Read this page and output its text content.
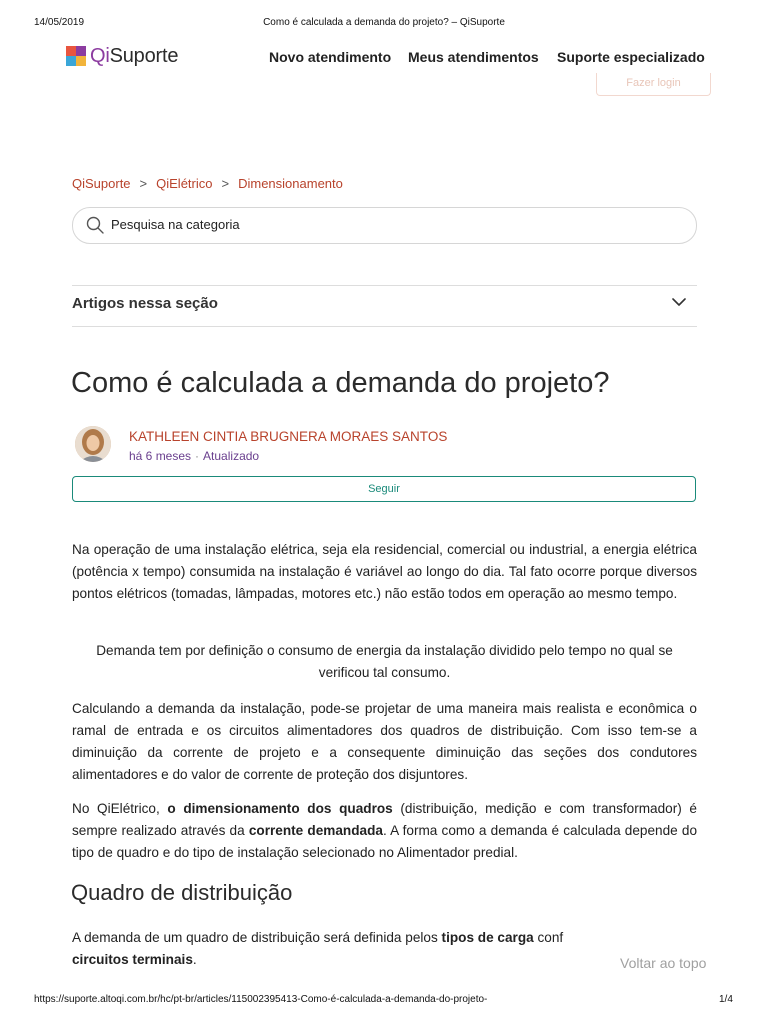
14/05/2019	Como é calculada a demanda do projeto? – QiSuporte
QiSuporte	Novo atendimento Meus atendimentos Suporte especializado
Fazer login
QiSuporte > QiElétrico > Dimensionamento
Pesquisa na categoria
Artigos nessa seção
Como é calculada a demanda do projeto?
KATHLEEN CINTIA BRUGNERA MORAES SANTOS
há 6 meses · Atualizado
Seguir

Na operação de uma instalação elétrica, seja ela residencial, comercial ou industrial, a energia elétrica (potência x tempo) consumida na instalação é variável ao longo do dia. Tal fato ocorre porque diversos pontos elétricos (tomadas, lâmpadas, motores etc.) não estão todos em operação ao mesmo tempo.

Demanda tem por definição o consumo de energia da instalação dividido pelo tempo no qual se verificou tal consumo.

Calculando a demanda da instalação, pode-se projetar de uma maneira mais realista e econômica o ramal de entrada e os circuitos alimentadores dos quadros de distribuição. Com isso tem-se a diminuição da corrente de projeto e a consequente diminuição das seções dos condutores alimentadores e do valor de corrente de proteção dos disjuntores.

No QiElétrico, o dimensionamento dos quadros (distribuição, medição e com transformador) é sempre realizado através da corrente demandada. A forma como a demanda é calculada depende do tipo de quadro e do tipo de instalação selecionado no Alimentador predial.

Quadro de distribuição

A demanda de um quadro de distribuição será definida pelos tipos de carga conf
circuitos terminais.	Voltar ao topo
https://suporte.altoqi.com.br/hc/pt-br/articles/115002395413-Como-é-calculada-a-demanda-do-projeto-	1/4
